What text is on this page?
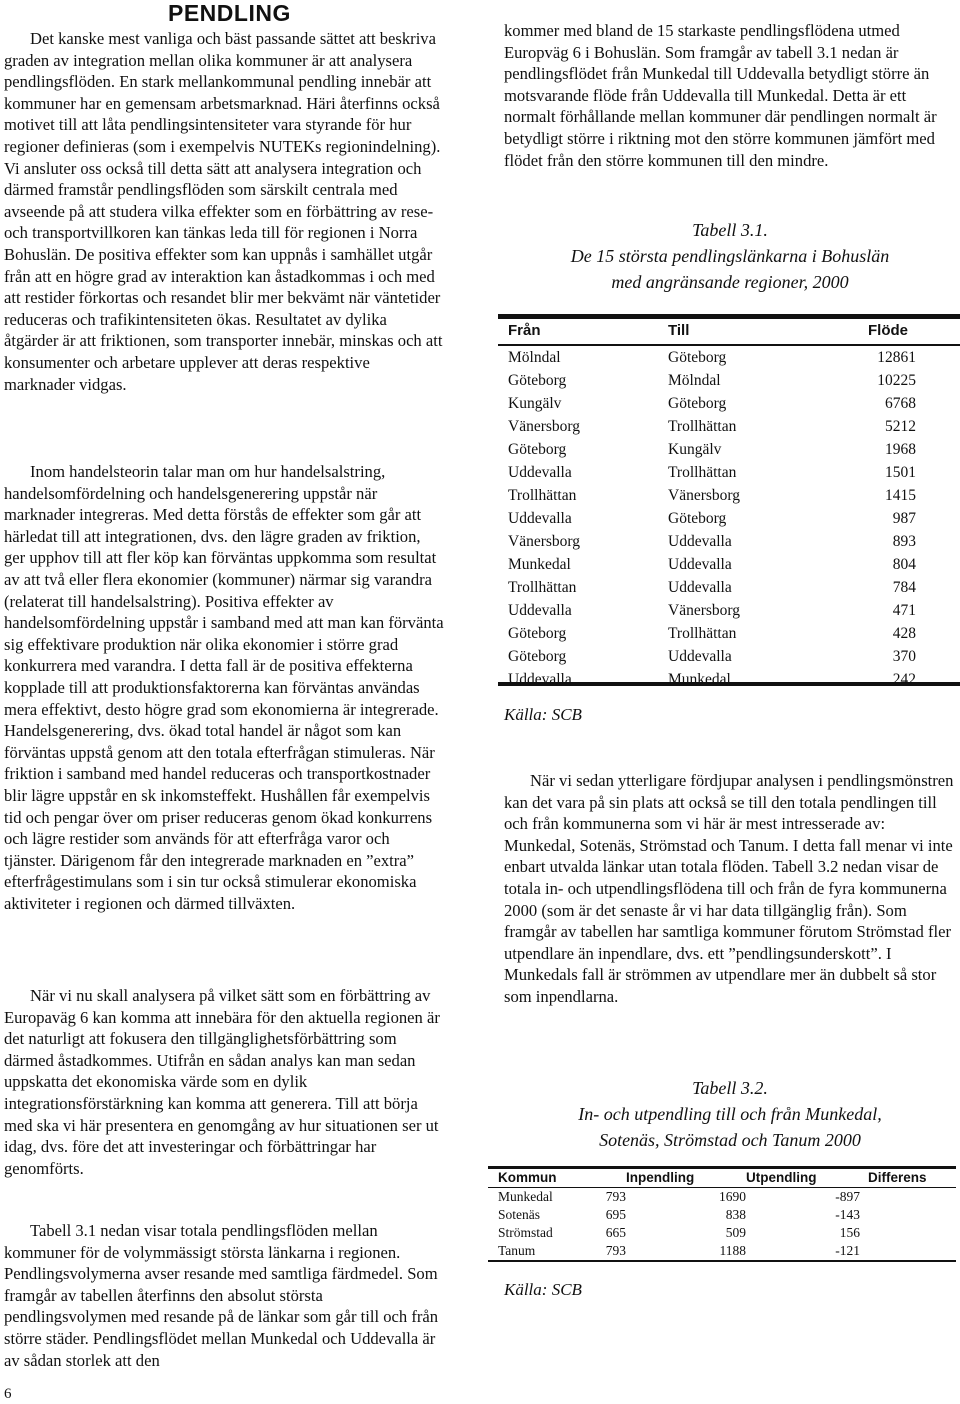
PENDLING

Det kanske mest vanliga och bäst passande sättet att beskriva graden av integration mellan olika kommuner är att analysera pendlingsflöden. En stark mellankommunal pendling innebär att kommuner har en gemensam arbetsmarknad. Häri återfinns också motivet till att låta pendlingsintensiteter vara styrande för hur regioner definieras (som i exempelvis NUTEKs regionindelning). Vi ansluter oss också till detta sätt att analysera integration och därmed framstår pendlingsflöden som särskilt centrala med avseende på att studera vilka effekter som en förbättring av rese- och transportvillkoren kan tänkas leda till för regionen i Norra Bohuslän. De positiva effekter som kan uppnås i samhället utgår från att en högre grad av interaktion kan åstadkommas i och med att restider förkortas och resandet blir mer bekvämt när väntetider reduceras och trafikintensiteten ökas. Resultatet av dylika åtgärder är att friktionen, som transporter innebär, minskas och att konsumenter och arbetare upplever att deras respektive marknader vidgas.

Inom handelsteorin talar man om hur handelsalstring, handelsomfördelning och handelsgenerering uppstår när marknader integreras. Med detta förstås de effekter som går att härledat till att integrationen, dvs. den lägre graden av friktion, ger upphov till att fler köp kan förväntas uppkomma som resultat av att två eller flera ekonomier (kommuner) närmar sig varandra (relaterat till handelsalstring). Positiva effekter av handelsomfördelning uppstår i samband med att man kan förvänta sig effektivare produktion när olika ekonomier i större grad konkurrera med varandra. I detta fall är de positiva effekterna kopplade till att produktionsfaktorerna kan förväntas användas mera effektivt, desto högre grad som ekonomierna är integrerade. Handelsgenerering, dvs. ökad total handel är något som kan förväntas uppstå genom att den totala efterfrågan stimuleras. När friktion i samband med handel reduceras och transportkostnader blir lägre uppstår en sk inkomsteffekt. Hushållen får exempelvis tid och pengar över om priser reduceras genom ökad konkurrens och lägre restider som används för att efterfråga varor och tjänster. Därigenom får den integrerade marknaden en ”extra” efterfrågestimulans som i sin tur också stimulerar ekonomiska aktiviteter i regionen och därmed tillväxten.

När vi nu skall analysera på vilket sätt som en förbättring av Europaväg 6 kan komma att innebära för den aktuella regionen är det naturligt att fokusera den tillgänglighetsförbättring som därmed åstadkommes. Utifrån en sådan analys kan man sedan uppskatta det ekonomiska värde som en dylik integrationsförstärkning kan komma att generera. Till att börja med ska vi här presentera en genomgång av hur situationen ser ut idag, dvs. före det att investeringar och förbättringar har genomförts.

Tabell 3.1 nedan visar totala pendlingsflöden mellan kommuner för de volymmässigt största länkarna i regionen. Pendlingsvolymerna avser resande med samtliga färdmedel. Som framgår av tabellen återfinns den absolut största pendlingsvolymen med resande på de länkar som går till och från större städer. Pendlingsflödet mellan Munkedal och Uddevalla är av sådan storlek att den

kommer med bland de 15 starkaste pendlingsflödena utmed Europväg 6 i Bohuslän. Som framgår av tabell 3.1 nedan är pendlingsflödet från Munkedal till Uddevalla betydligt större än motsvarande flöde från Uddevalla till Munkedal. Detta är ett normalt förhållande mellan kommuner där pendlingen normalt är betydligt större i riktning mot den större kommunen jämfört med flödet från den större kommunen till den mindre.

Tabell 3.1.
De 15 största pendlingslänkarna i Bohuslän
med angränsande regioner, 2000
Från	Till	Flöde
Mölndal	Göteborg	12861
Göteborg	Mölndal	10225
Kungälv	Göteborg	6768
Vänersborg	Trollhättan	5212
Göteborg	Kungälv	1968
Uddevalla	Trollhättan	1501
Trollhättan	Vänersborg	1415
Uddevalla	Göteborg	987
Vänersborg	Uddevalla	893
Munkedal	Uddevalla	804
Trollhättan	Uddevalla	784
Uddevalla	Vänersborg	471
Göteborg	Trollhättan	428
Göteborg	Uddevalla	370
Uddevalla	Munkedal	242
Källa: SCB

När vi sedan ytterligare fördjupar analysen i pendlingsmönstren kan det vara på sin plats att också se till den totala pendlingen till och från kommunerna som vi här är mest intresserade av: Munkedal, Sotenäs, Strömstad och Tanum. I detta fall menar vi inte enbart utvalda länkar utan totala flöden. Tabell 3.2 nedan visar de totala in- och utpendlingsflödena till och från de fyra kommunerna 2000 (som är det senaste år vi har data tillgänglig från). Som framgår av tabellen har samtliga kommuner förutom Strömstad fler utpendlare än inpendlare, dvs. ett ”pendlingsunderskott”. I Munkedals fall är strömmen av utpendlare mer än dubbelt så stor som inpendlarna.

Tabell 3.2.
In- och utpendling till och från Munkedal,
Sotenäs, Strömstad och Tanum 2000
Kommun	Inpendling	Utpendling	Differens
Munkedal	793	1690	-897
Sotenäs	695	838	-143
Strömstad	665	509	156
Tanum	793	1188	-121
Källa: SCB
6
